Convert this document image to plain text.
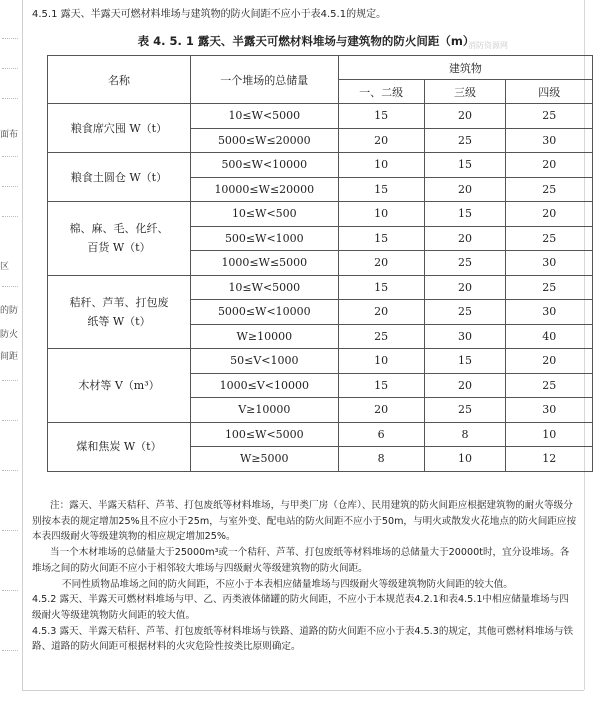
面布
区
的防
防火
间距
4.5.1 露天、半露天可燃材料堆场与建筑物的防火间距不应小于表4.5.1的规定。
表 4. 5. 1 露天、半露天可燃材料堆场与建筑物的防火间距（m）
消防资源网
名称	一个堆场的总储量	建筑物		
		一、二级	三级	四级

粮食席穴囤 W（t）	10≤W<5000	15	20	25
	5000≤W≤20000	20	25	30

粮食土圆仓 W（t）	500≤W<10000	10	15	20
	10000≤W≤20000	15	20	25

棉、麻、毛、化纤、
百货 W（t）	10≤W<500	10	15	20
	500≤W<1000	15	20	25
	1000≤W≤5000	20	25	30

秸秆、芦苇、打包废
纸等 W（t）	10≤W<5000	15	20	25
	5000≤W<10000	20	25	30
	W≥10000	25	30	40

木材等 V（m³）	50≤V<1000	10	15	20
	1000≤V<10000	15	20	25
	V≥10000	20	25	30

煤和焦炭 W（t）	100≤W<5000	6	8	10
	W≥5000	8	10	12

注：露天、半露天秸秆、芦苇、打包废纸等材料堆场，与甲类厂房（仓库）、民用建筑的防火间距应根据建筑物的耐火等级分别按本表的规定增加25%且不应小于25m，与室外变、配电站的防火间距不应小于50m，与明火或散发火花地点的防火间距应按本表四级耐火等级建筑物的相应规定增加25%。

当一个木材堆场的总储量大于25000m³或一个秸秆、芦苇、打包废纸等材料堆场的总储量大于20000t时，宜分设堆场。各堆场之间的防火间距不应小于相邻较大堆场与四级耐火等级建筑物的防火间距。

不同性质物品堆场之间的防火间距，不应小于本表相应储量堆场与四级耐火等级建筑物防火间距的较大值。

4.5.2 露天、半露天可燃材料堆场与甲、乙、丙类液体储罐的防火间距，不应小于本规范表4.2.1和表4.5.1中相应储量堆场与四级耐火等级建筑物防火间距的较大值。

4.5.3 露天、半露天秸秆、芦苇、打包废纸等材料堆场与铁路、道路的防火间距不应小于表4.5.3的规定，其他可燃材料堆场与铁路、道路的防火间距可根据材料的火灾危险性按类比原则确定。
